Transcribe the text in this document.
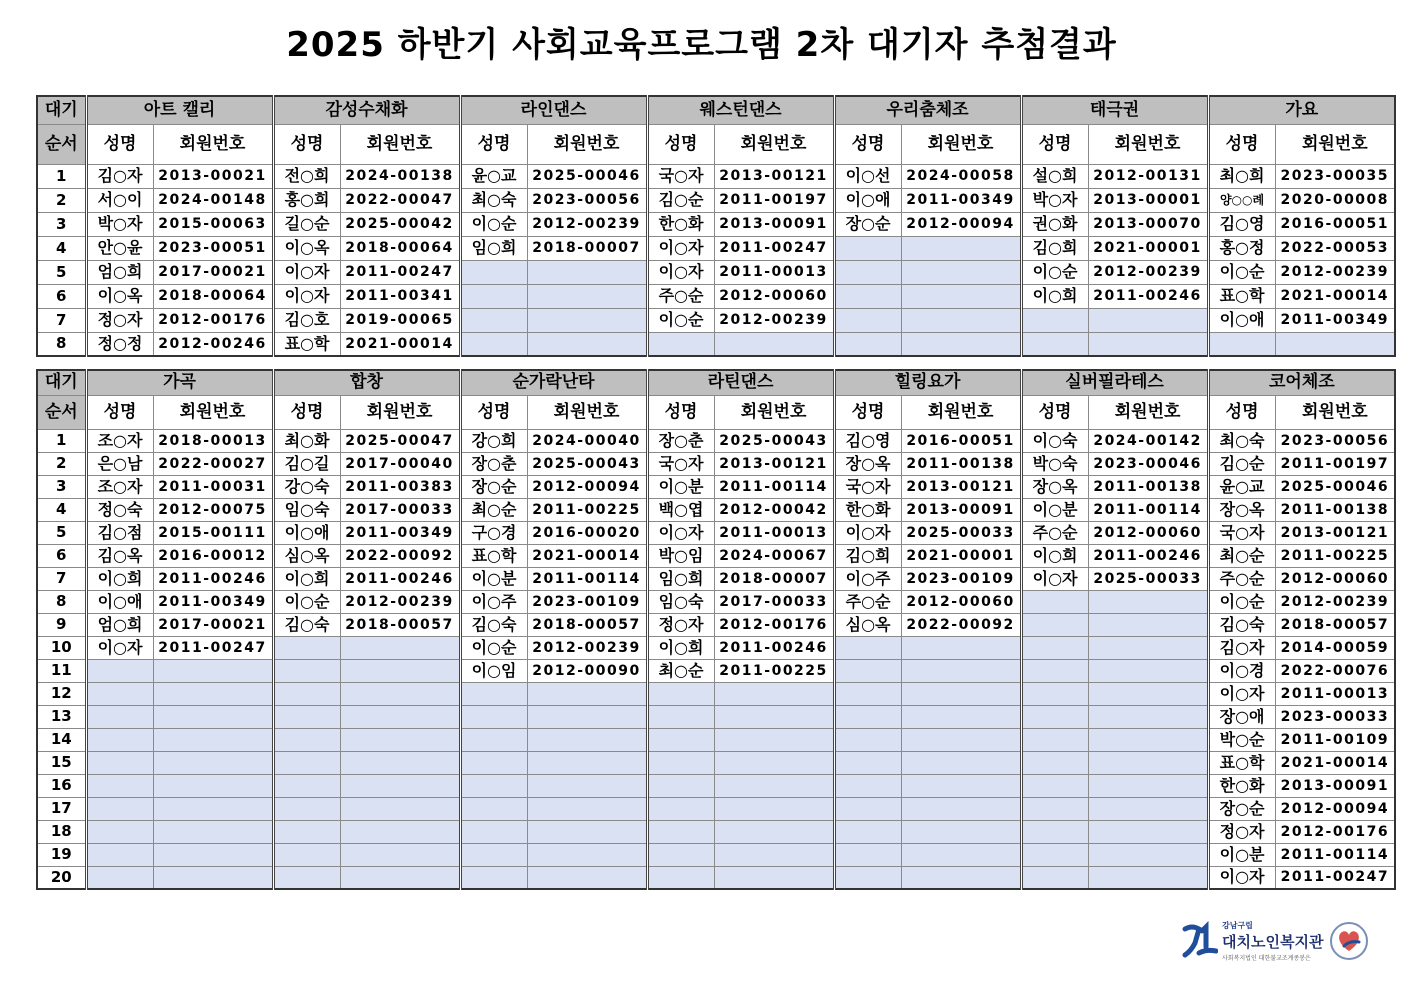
2025 하반기 사회교육프로그램 2차 대기자 추첨결과
대기	아트 캘리		감성수채화		라인댄스		웨스턴댄스		우리춤체조		태극권		가요	
순서	성명	회원번호	성명	회원번호	성명	회원번호	성명	회원번호	성명	회원번호	성명	회원번호	성명	회원번호
1	김○자	2013-00021	전○희	2024-00138	윤○교	2025-00046	국○자	2013-00121	이○선	2024-00058	설○희	2012-00131	최○희	2023-00035
2	서○이	2024-00148	홍○희	2022-00047	최○숙	2023-00056	김○순	2011-00197	이○애	2011-00349	박○자	2013-00001	양○○례	2020-00008
3	박○자	2015-00063	길○순	2025-00042	이○순	2012-00239	한○화	2013-00091	장○순	2012-00094	권○화	2013-00070	김○영	2016-00051
4	안○윤	2023-00051	이○옥	2018-00064	임○희	2018-00007	이○자	2011-00247			김○희	2021-00001	홍○정	2022-00053
5	엄○희	2017-00021	이○자	2011-00247			이○자	2011-00013			이○순	2012-00239	이○순	2012-00239
6	이○옥	2018-00064	이○자	2011-00341			주○순	2012-00060			이○희	2011-00246	표○학	2021-00014
7	정○자	2012-00176	김○호	2019-00065			이○순	2012-00239					이○애	2011-00349
8	정○정	2012-00246	표○학	2021-00014										
대기	가곡		합창		순가락난타		라틴댄스		힐링요가		실버필라테스		코어체조	
순서	성명	회원번호	성명	회원번호	성명	회원번호	성명	회원번호	성명	회원번호	성명	회원번호	성명	회원번호
1	조○자	2018-00013	최○화	2025-00047	강○희	2024-00040	장○춘	2025-00043	김○영	2016-00051	이○숙	2024-00142	최○숙	2023-00056
2	은○남	2022-00027	김○길	2017-00040	장○춘	2025-00043	국○자	2013-00121	장○옥	2011-00138	박○숙	2023-00046	김○순	2011-00197
3	조○자	2011-00031	강○숙	2011-00383	장○순	2012-00094	이○분	2011-00114	국○자	2013-00121	장○옥	2011-00138	윤○교	2025-00046
4	정○숙	2012-00075	임○숙	2017-00033	최○순	2011-00225	백○엽	2012-00042	한○화	2013-00091	이○분	2011-00114	장○옥	2011-00138
5	김○점	2015-00111	이○애	2011-00349	구○경	2016-00020	이○자	2011-00013	이○자	2025-00033	주○순	2012-00060	국○자	2013-00121
6	김○옥	2016-00012	심○옥	2022-00092	표○학	2021-00014	박○임	2024-00067	김○희	2021-00001	이○희	2011-00246	최○순	2011-00225
7	이○희	2011-00246	이○희	2011-00246	이○분	2011-00114	임○희	2018-00007	이○주	2023-00109	이○자	2025-00033	주○순	2012-00060
8	이○애	2011-00349	이○순	2012-00239	이○주	2023-00109	임○숙	2017-00033	주○순	2012-00060			이○순	2012-00239
9	엄○희	2017-00021	김○숙	2018-00057	김○숙	2018-00057	정○자	2012-00176	심○옥	2022-00092			김○숙	2018-00057
10	이○자	2011-00247			이○순	2012-00239	이○희	2011-00246					김○자	2014-00059
11					이○임	2012-00090	최○순	2011-00225					이○경	2022-00076
12													이○자	2011-00013
13													장○애	2023-00033
14													박○순	2011-00109
15													표○학	2021-00014
16													한○화	2013-00091
17													장○순	2012-00094
18													정○자	2012-00176
19													이○분	2011-00114
20													이○자	2011-00247
강남구립
대치노인복지관
사회복지법인 대한불교조계종봉은
